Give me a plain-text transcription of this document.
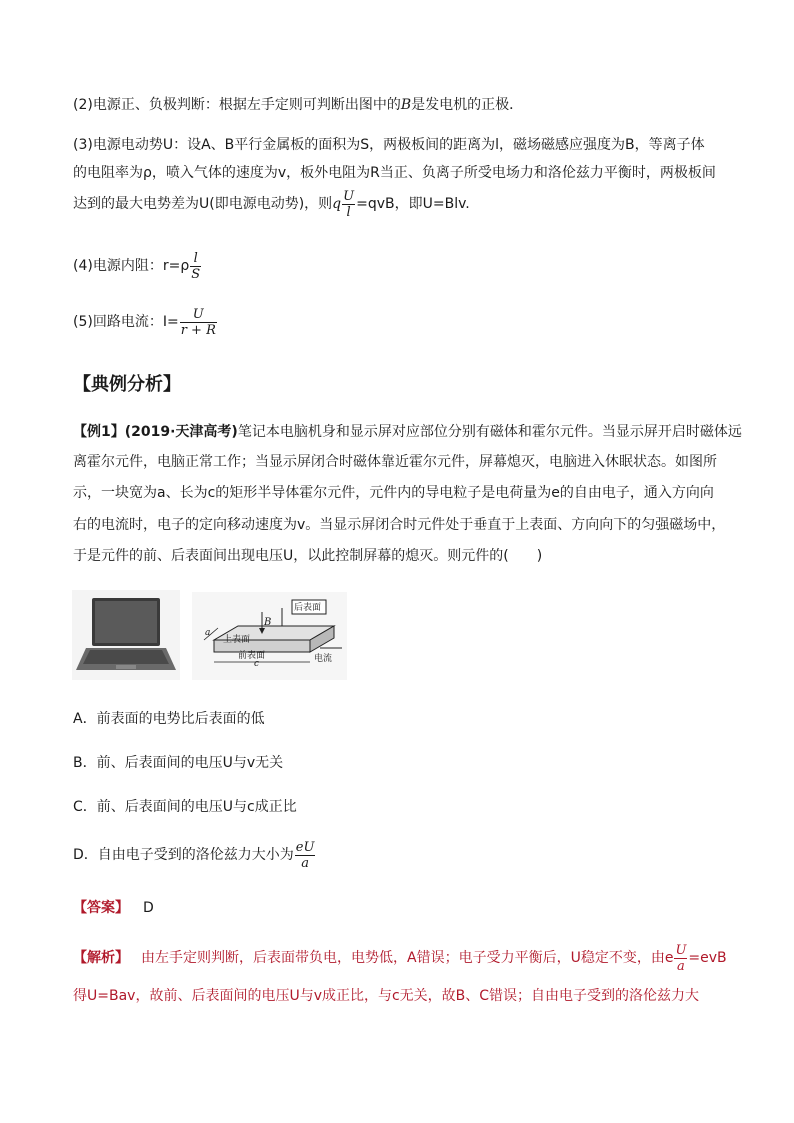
(2)电源正、负极判断：根据左手定则可判断出图中的B是发电机的正极．
(3)电源电动势U：设A、B平行金属板的面积为S，两极板间的距离为l，磁场磁感应强度为B，等离子体
的电阻率为ρ，喷入气体的速度为v，板外电阻为R当正、负离子所受电场力和洛伦兹力平衡时，两极板间
达到的最大电势差为U(即电源电动势)，则q $\frac{U}{l} =qvB$，即U=Blv.
(4)电源内阻：$r=\rho \frac{l}{S}$
(5)回路电流：$I= \frac{U}{r + R}$
【典例分析】
【例1】(2019·天津高考)笔记本电脑机身和显示屏对应部位分别有磁体和霍尔元件。当显示屏开启时磁体远
离霍尔元件，电脑正常工作；当显示屏闭合时磁体靠近霍尔元件，屏幕熄灭，电脑进入休眠状态。如图所
示，一块宽为a、长为c的矩形半导体霍尔元件，元件内的导电粒子是电荷量为e的自由电子，通入方向向
右的电流时，电子的定向移动速度为v。当显示屏闭合时元件处于垂直于上表面、方向向下的匀强磁场中，
于是元件的前、后表面间出现电压U，以此控制屏幕的熄灭。则元件的(　　)
B
后表面
上表面
前表面
a
c	电流
A．前表面的电势比后表面的低
B．前、后表面间的电压U与v无关
C．前、后表面间的电压U与c成正比
D．自由电子受到的洛伦兹力大小为 $\frac{eU}{a}$
【答案】 D
【解析】 由左手定则判断，后表面带负电，电势低，A错误；电子受力平衡后，U稳定不变，由e $\frac{U}{a} =evB$
得U=Bav，故前、后表面间的电压U与v成正比，与c无关，故B、C错误；自由电子受到的洛伦兹力大
